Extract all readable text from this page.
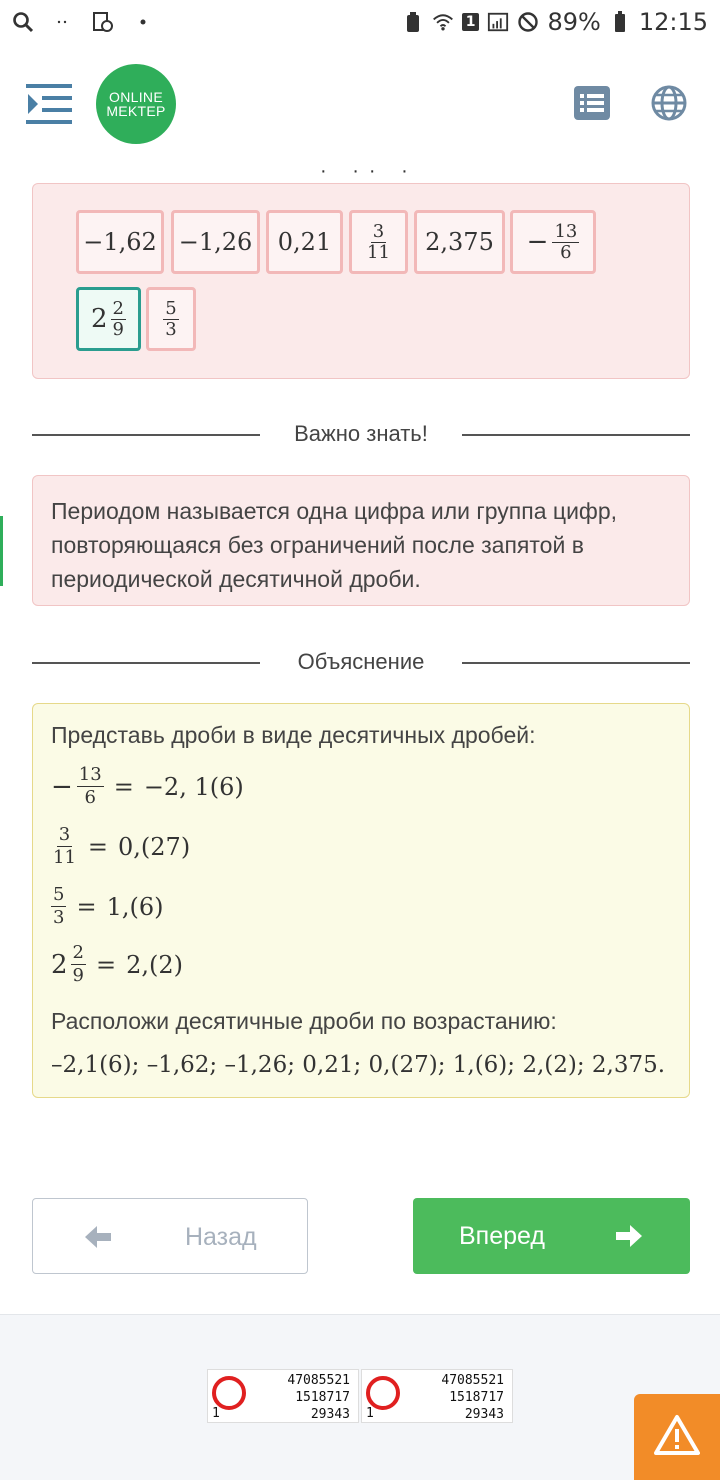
1	89% 12:15
ONLINE
MEKTEP
· ·· ·
−1,62 −1,26 $0,21 \frac{3}{11} 2,375 - \frac{13}{6}$
$2 \frac{2}{9} \frac{5}{3}$
Важно знать!
Периодом называется одна цифра или группа цифр, повторяющаяся без ограничений после запятой в периодической десятичной дроби.
Объяснение
Представь дроби в виде десятичных дробей:
− $\frac{13}{6} = -2$, 1(6)
$\frac{3}{11} = 0,(27)$
$\frac{5}{3} = 1,(6)$
$2 \frac{2}{9} = 2,(2)$
Расположи десятичные дроби по возрастанию:
–2,1(6); –1,62; –1,26; 0,21; 0,(27); 1,(6); 2,(2); 2,375.
Назад	Вперед
47085521
1518717
29343
1
47085521
1518717
29343
1
